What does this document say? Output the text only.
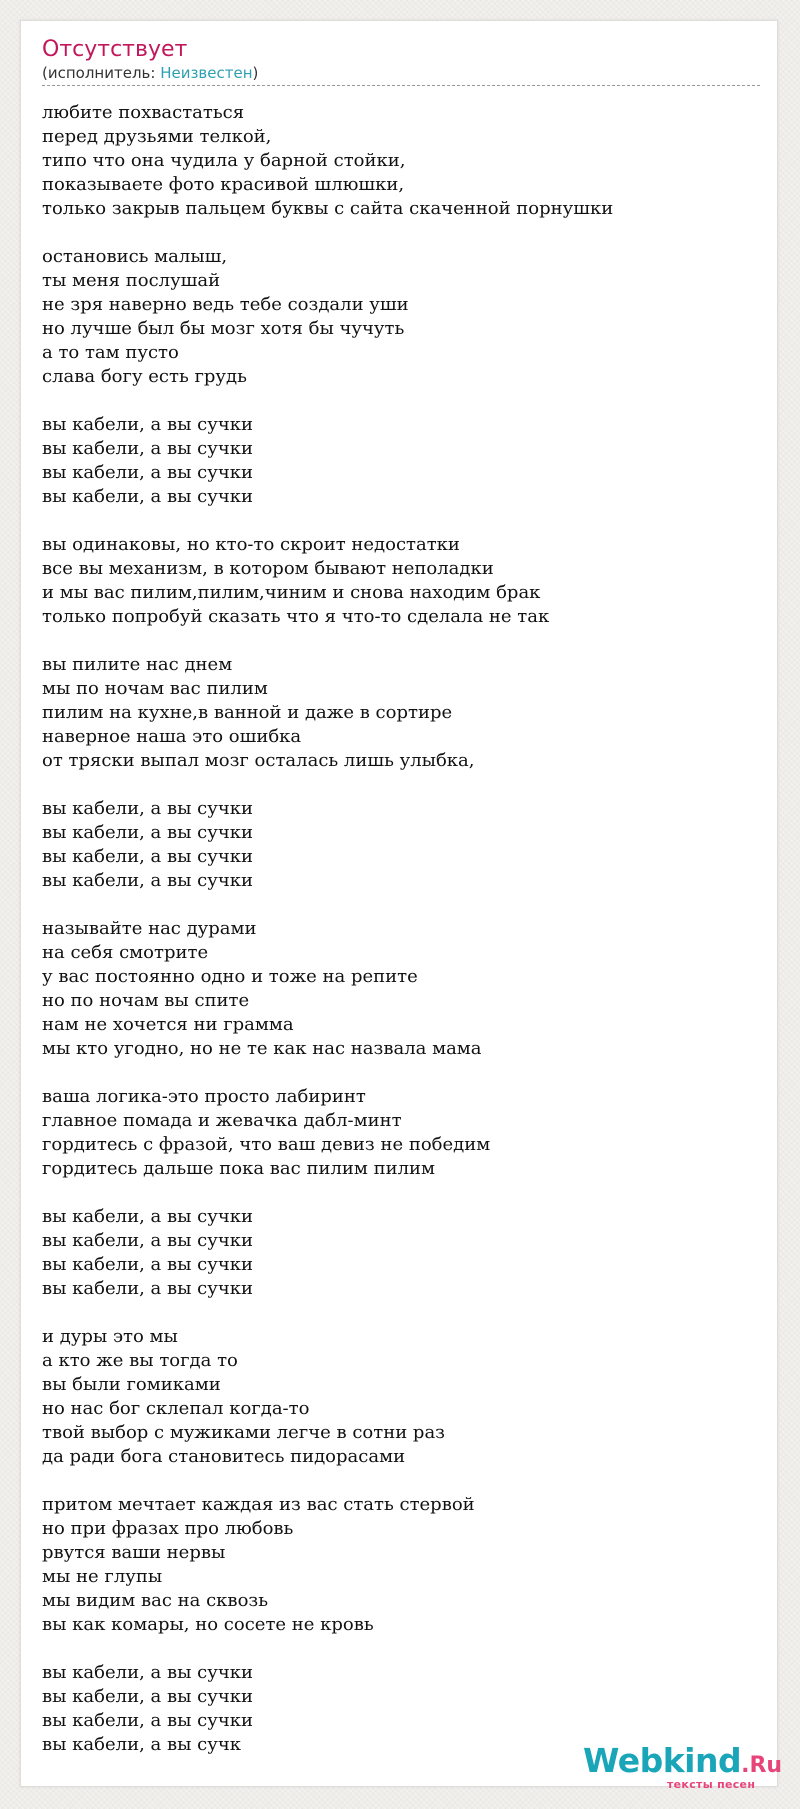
Отсутствует
(исполнитель: Неизвестен)
любите похвастаться
перед друзьями телкой,
типо что она чудила у барной стойки,
показываете фото красивой шлюшки,
только закрыв пальцем буквы с сайта скаченной порнушки

остановись малыш,
ты меня послушай
не зря наверно ведь тебе создали уши
но лучше был бы мозг хотя бы чучуть
а то там пусто
слава богу есть грудь

вы кабели, а вы сучки
вы кабели, а вы сучки
вы кабели, а вы сучки
вы кабели, а вы сучки

вы одинаковы, но кто-то скроит недостатки
все вы механизм, в котором бывают неполадки
и мы вас пилим,пилим,чиним и снова находим брак
только попробуй сказать что я что-то сделала не так

вы пилите нас днем
мы по ночам вас пилим
пилим на кухне,в ванной и даже в сортире
наверное наша это ошибка
от тряски выпал мозг осталась лишь улыбка,

вы кабели, а вы сучки
вы кабели, а вы сучки
вы кабели, а вы сучки
вы кабели, а вы сучки

называйте нас дурами
на себя смотрите
у вас постоянно одно и тоже на репите
но по ночам вы спите
нам не хочется ни грамма
мы кто угодно, но не те как нас назвала мама

ваша логика-это просто лабиринт
главное помада и жевачка дабл-минт
гордитесь с фразой, что ваш девиз не победим
гордитесь дальше пока вас пилим пилим

вы кабели, а вы сучки
вы кабели, а вы сучки
вы кабели, а вы сучки
вы кабели, а вы сучки

и дуры это мы
а кто же вы тогда то
вы были гомиками
но нас бог склепал когда-то
твой выбор с мужиками легче в сотни раз
да ради бога становитесь пидорасами

притом мечтает каждая из вас стать стервой
но при фразах про любовь
рвутся ваши нервы
мы не глупы
мы видим вас на сквозь
вы как комары, но сосете не кровь

вы кабели, а вы сучки
вы кабели, а вы сучки
вы кабели, а вы сучки
вы кабели, а вы сучк	Webkind.Ru
тексты песен
